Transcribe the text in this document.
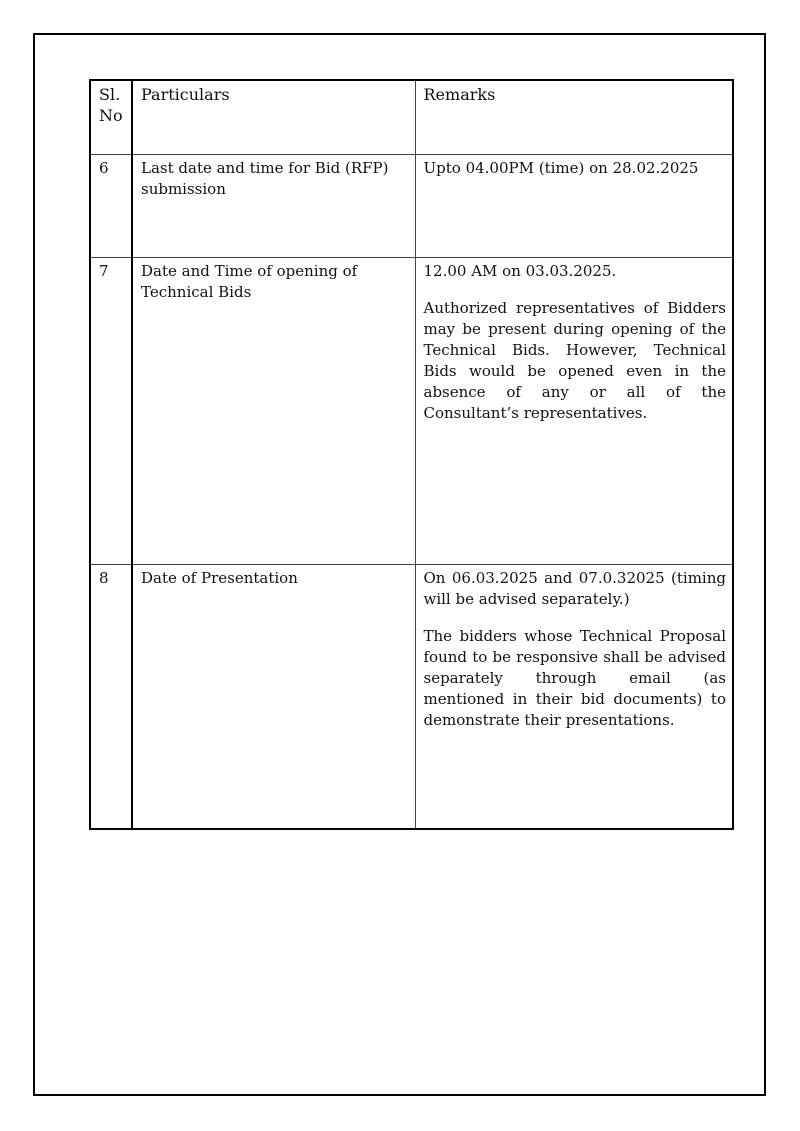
Sl. No	Particulars	Remarks
6	Last date and time for Bid (RFP) submission	Upto 04.00PM (time) on 28.02.2025

7	Date and Time of opening of Technical Bids	12.00 AM on 03.03.2025.

Authorized representatives of Bidders may be present during opening of the Technical Bids. However, Technical Bids would be opened even in the absence of any or all of the Consultant’s representatives.

8	Date of Presentation	On 06.03.2025 and 07.0.32025 (timing will be advised separately.)

The bidders whose Technical Proposal found to be responsive shall be advised separately through email (as mentioned in their bid documents) to demonstrate their presentations.
